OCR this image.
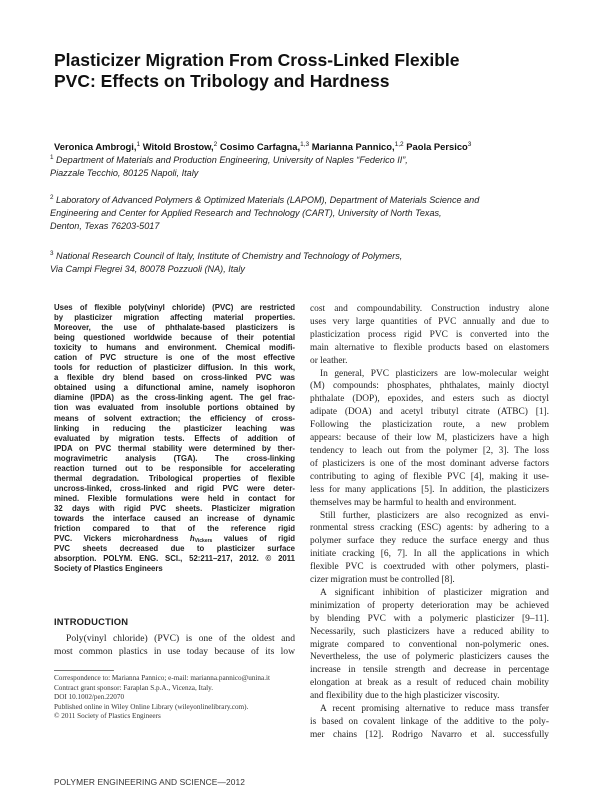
Plasticizer Migration From Cross-Linked Flexible
PVC: Effects on Tribology and Hardness
Veronica Ambrogi,$^1$ Witold Brostow,$^2$ Cosimo Carfagna,$^{1,3}$ Marianna Pannico,$^{1,2}$ Paola Persico$^3$
$^1$ Department of Materials and Production Engineering, University of Naples “Federico II”,
Piazzale Tecchio, 80125 Napoli, Italy
$^2$ Laboratory of Advanced Polymers & Optimized Materials (LAPOM), Department of Materials Science and
Engineering and Center for Applied Research and Technology (CART), University of North Texas,
Denton, Texas 76203-5017
$^3$ National Research Council of Italy, Institute of Chemistry and Technology of Polymers,
Via Campi Flegrei 34, 80078 Pozzuoli (NA), Italy
Uses of flexible poly(vinyl chloride) (PVC) are restricted
by plasticizer migration affecting material properties.
Moreover, the use of phthalate-based plasticizers is
being questioned worldwide because of their potential
toxicity to humans and environment. Chemical modifi-
cation of PVC structure is one of the most effective
tools for reduction of plasticizer diffusion. In this work,
a flexible dry blend based on cross-linked PVC was
obtained using a difunctional amine, namely isophoron
diamine (IPDA) as the cross-linking agent. The gel frac-
tion was evaluated from insoluble portions obtained by
means of solvent extraction; the efficiency of cross-
linking in reducing the plasticizer leaching was
evaluated by migration tests. Effects of addition of
IPDA on PVC thermal stability were determined by ther-
mogravimetric analysis (TGA). The cross-linking
reaction turned out to be responsible for accelerating
thermal degradation. Tribological properties of flexible
uncross-linked, cross-linked and rigid PVC were deter-
mined. Flexible formulations were held in contact for
32 days with rigid PVC sheets. Plasticizer migration
towards the interface caused an increase of dynamic
friction compared to that of the reference rigid
PVC. Vickers microhardness $h_{Vickers}$ values of rigid
PVC sheets decreased due to plasticizer surface
absorption. POLYM. ENG. SCI., 52:211–217, 2012. © 2011
Society of Plastics Engineers
INTRODUCTION
Poly(vinyl chloride) (PVC) is one of the oldest and
most common plastics in use today because of its low
Correspondence to: Marianna Pannico; e-mail: marianna.pannico@unina.it
Contract grant sponsor: Faraplan S.p.A., Vicenza, Italy.
DOI 10.1002/pen.22070
Published online in Wiley Online Library (wileyonlinelibrary.com).
© 2011 Society of Plastics Engineers
cost and compoundability. Construction industry alone
uses very large quantities of PVC annually and due to
plasticization process rigid PVC is converted into the
main alternative to flexible products based on elastomers
or leather.
In general, PVC plasticizers are low-molecular weight
(M) compounds: phosphates, phthalates, mainly dioctyl
phthalate (DOP), epoxides, and esters such as dioctyl
adipate (DOA) and acetyl tributyl citrate (ATBC) [1].
Following the plasticization route, a new problem
appears: because of their low M, plasticizers have a high
tendency to leach out from the polymer [2, 3]. The loss
of plasticizers is one of the most dominant adverse factors
contributing to aging of flexible PVC [4], making it use-
less for many applications [5]. In addition, the plasticizers
themselves may be harmful to health and environment.
Still further, plasticizers are also recognized as envi-
ronmental stress cracking (ESC) agents: by adhering to a
polymer surface they reduce the surface energy and thus
initiate cracking [6, 7]. In all the applications in which
flexible PVC is coextruded with other polymers, plasti-
cizer migration must be controlled [8].
A significant inhibition of plasticizer migration and
minimization of property deterioration may be achieved
by blending PVC with a polymeric plasticizer [9–11].
Necessarily, such plasticizers have a reduced ability to
migrate compared to conventional non-polymeric ones.
Nevertheless, the use of polymeric plasticizers causes the
increase in tensile strength and decrease in percentage
elongation at break as a result of reduced chain mobility
and flexibility due to the high plasticizer viscosity.
A recent promising alternative to reduce mass transfer
is based on covalent linkage of the additive to the poly-
mer chains [12]. Rodrigo Navarro et al. successfully
POLYMER ENGINEERING AND SCIENCE—2012
